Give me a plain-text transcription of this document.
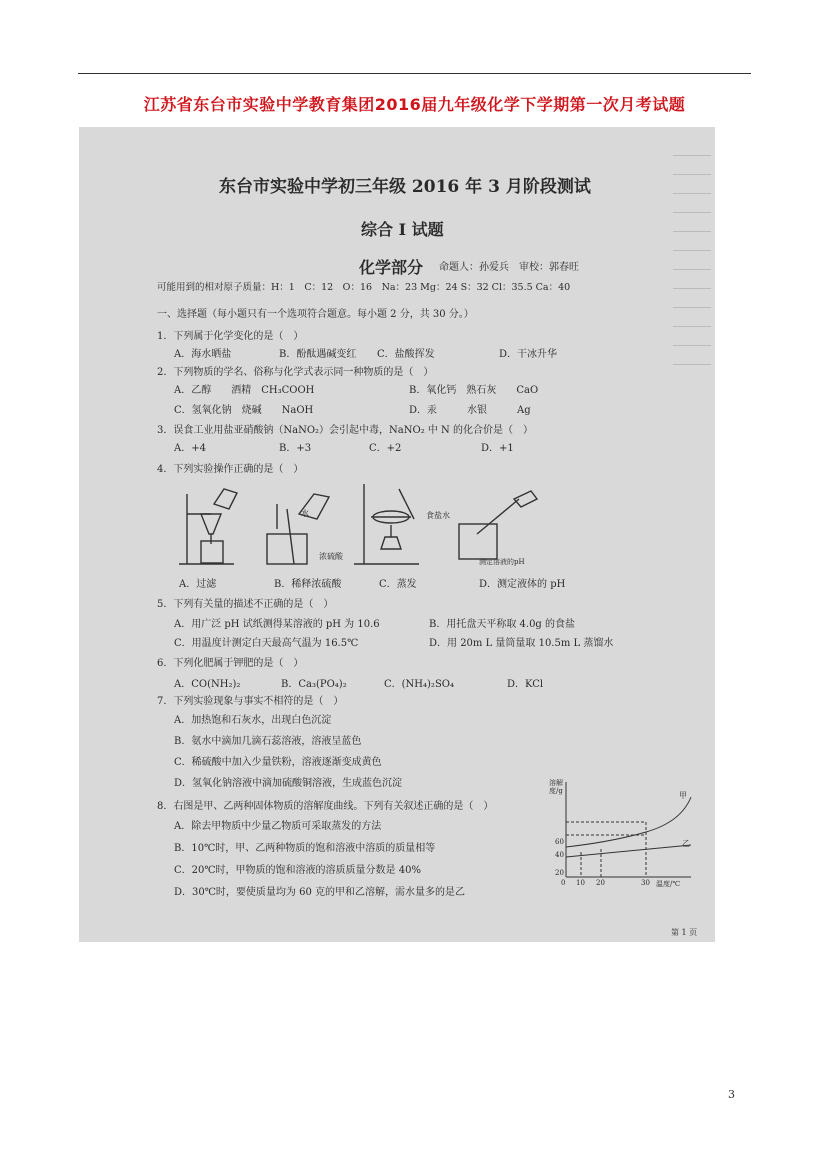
江苏省东台市实验中学教育集团2016届九年级化学下学期第一次月考试题
东台市实验中学初三年级 2016 年 3 月阶段测试
综合 I 试题
化学部分 命题人：孙爱兵　审校：郭春旺
可能用到的相对原子质量：H：1　C：12　O：16　Na：23 Mg：24 S：32 Cl：35.5 Ca：40
一、选择题（每小题只有一个选项符合题意。每小题 2 分，共 30 分。）
1．下列属于化学变化的是（　）
A．海水晒盐	B．酚酞遇碱变红 C．盐酸挥发	D．干冰升华
2．下列物质的学名、俗称与化学式表示同一种物质的是（　）
A．乙醇　　酒精　CH₃COOH	B．氧化钙　熟石灰　　CaO
C．氢氧化钠　烧碱　　NaOH	D．汞　　　水银　　　Ag
3．误食工业用盐亚硝酸钠（NaNO₂）会引起中毒，NaNO₂ 中 N 的化合价是（　）
A．+4	B．+3	C．+2	D．+1
4．下列实验操作正确的是（　）
水
浓硫酸
食盐水
测定溶液的pH
A．过滤	B．稀释浓硫酸	C．蒸发	D．测定液体的 pH
5．下列有关量的描述不正确的是（　）
A．用广泛 pH 试纸测得某溶液的 pH 为 10.6	B．用托盘天平称取 4.0g 的食盐
C．用温度计测定白天最高气温为 16.5℃	D．用 20m L 量筒量取 10.5m L 蒸馏水
6．下列化肥属于钾肥的是（　）
A．CO(NH₂)₂	B．Ca₃(PO₄)₂	C．(NH₄)₂SO₄	D．KCl
7．下列实验现象与事实不相符的是（　）
A．加热饱和石灰水，出现白色沉淀
B．氨水中滴加几滴石蕊溶液，溶液呈蓝色
C．稀硫酸中加入少量铁粉，溶液逐渐变成黄色
D．氢氧化钠溶液中滴加硫酸铜溶液，生成蓝色沉淀
8．右图是甲、乙两种固体物质的溶解度曲线。下列有关叙述正确的是（　）
A．除去甲物质中少量乙物质可采取蒸发的方法
B．10℃时，甲、乙两种物质的饱和溶液中溶质的质量相等
C．20℃时，甲物质的饱和溶液的溶质质量分数是 40%
D．30℃时，要使质量均为 60 克的甲和乙溶解，需水量多的是乙
溶解度/g
60
40
20
0 10 20	30 温度/℃
甲
乙
第 1 页
3
